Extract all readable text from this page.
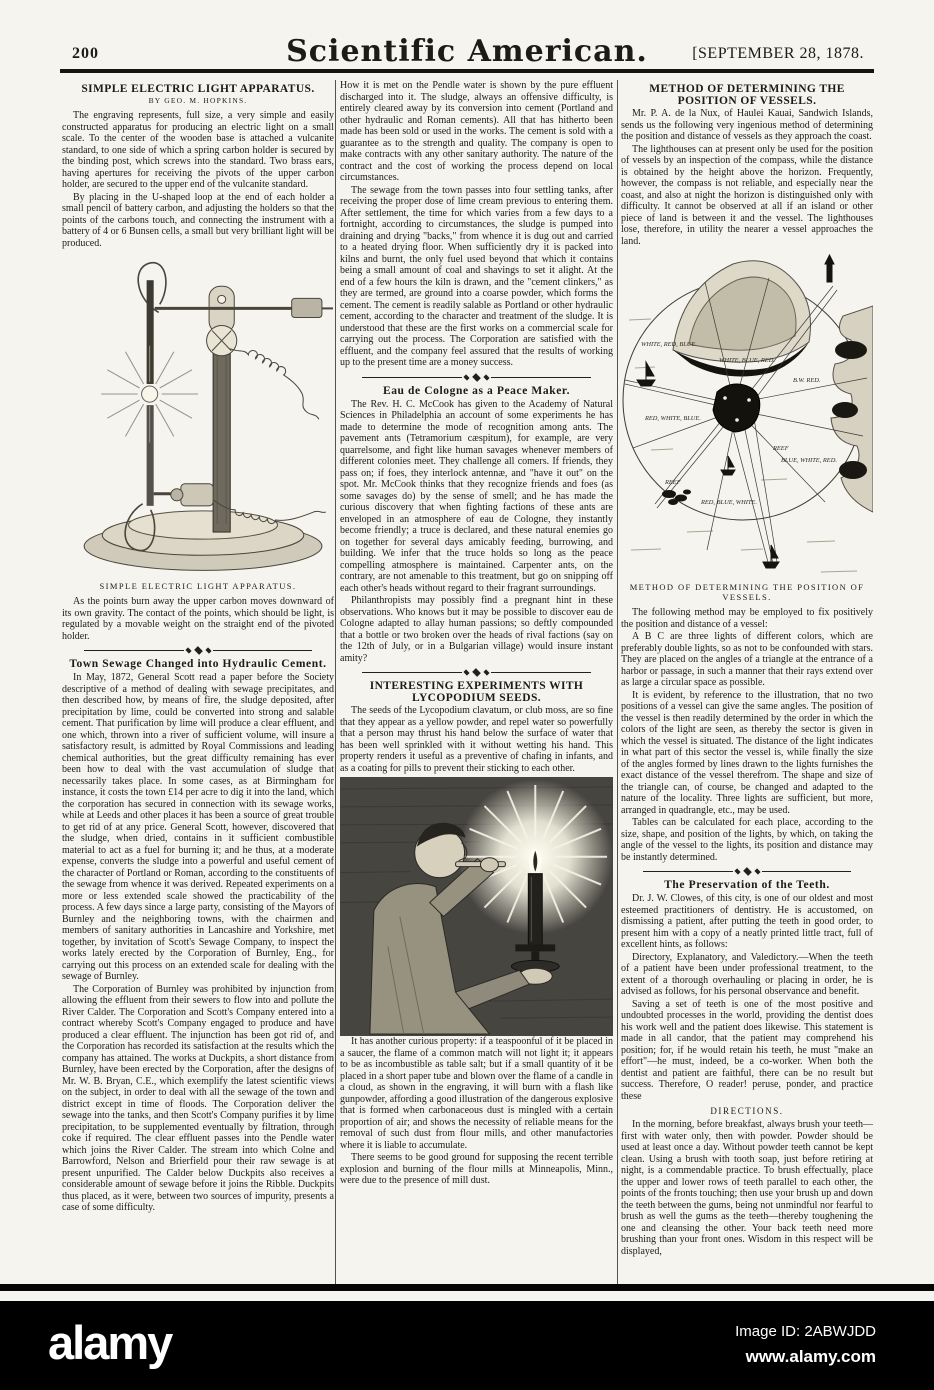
200	Scientific American.	[SEPTEMBER 28, 1878.
SIMPLE ELECTRIC LIGHT APPARATUS.
BY GEO. M. HOPKINS.

The engraving represents, full size, a very simple and easily constructed apparatus for producing an electric light on a small scale. To the center of the wooden base is attached a vulcanite standard, to one side of which a spring carbon holder is secured by the binding post, which screws into the standard. Two brass ears, having apertures for receiving the pivots of the upper carbon holder, are secured to the upper end of the vulcanite standard.

By placing in the U-shaped loop at the end of each holder a small pencil of battery carbon, and adjusting the holders so that the points of the carbons touch, and connecting the instrument with a battery of 4 or 6 Bunsen cells, a small but very brilliant light will be produced.

SIMPLE ELECTRIC LIGHT APPARATUS.

As the points burn away the upper carbon moves downward of its own gravity. The contact of the points, which should be light, is regulated by a movable weight on the straight end of the pivoted holder.

Town Sewage Changed into Hydraulic Cement.

In May, 1872, General Scott read a paper before the Society descriptive of a method of dealing with sewage precipitates, and then described how, by means of fire, the sludge deposited, after precipitation by lime, could be converted into strong and salable cement. That purification by lime will produce a clear effluent, and one which, thrown into a river of sufficient volume, will insure a satisfactory result, is admitted by Royal Commissions and leading chemical authorities, but the great difficulty remaining has ever been how to deal with the vast accumulation of sludge that necessarily takes place. In some cases, as at Birmingham for instance, it costs the town £14 per acre to dig it into the land, which the corporation has secured in connection with its sewage works, while at Leeds and other places it has been a source of great trouble to get rid of at any price. General Scott, however, discovered that the sludge, when dried, contains in it sufficient combustible material to act as a fuel for burning it; and he thus, at a moderate expense, converts the sludge into a powerful and useful cement of the character of Portland or Roman, according to the constituents of the sewage from whence it was derived. Repeated experiments on a more or less extended scale showed the practicability of the process. A few days since a large party, consisting of the Mayors of Burnley and the neighboring towns, with the chairmen and members of sanitary authorities in Lancashire and Yorkshire, met together, by invitation of Scott's Sewage Company, to inspect the works lately erected by the Corporation of Burnley, Eng., for carrying out this process on an extended scale for dealing with the sewage of Burnley.

The Corporation of Burnley was prohibited by injunction from allowing the effluent from their sewers to flow into and pollute the River Calder. The Corporation and Scott's Company entered into a contract whereby Scott's Company engaged to produce and have produced a clear effluent. The injunction has been got rid of, and the Corporation has recorded its satisfaction at the results which the company has attained. The works at Duckpits, a short distance from Burnley, have been erected by the Corporation, after the designs of Mr. W. B. Bryan, C.E., which exemplify the latest scientific views on the subject, in order to deal with all the sewage of the town and district except in time of floods. The Corporation deliver the sewage into the tanks, and then Scott's Company purifies it by lime precipitation, to be supplemented eventually by filtration, through coke if required. The clear effluent passes into the Pendle water which joins the River Calder. The stream into which Colne and Barrowford, Nelson and Brierfield pour their raw sewage is at present unpurified. The Calder below Duckpits also receives a considerable amount of sewage before it joins the Ribble. Duckpits thus placed, as it were, between two sources of impurity, presents a case of some difficulty.

How it is met on the Pendle water is shown by the pure effluent discharged into it. The sludge, always an offensive difficulty, is entirely cleared away by its conversion into cement (Portland and other hydraulic and Roman cements). All that has hitherto been made has been sold or used in the works. The cement is sold with a guarantee as to the strength and quality. The company is open to make contracts with any other sanitary authority. The nature of the contract and the cost of working the process depend on local circumstances.

The sewage from the town passes into four settling tanks, after receiving the proper dose of lime cream previous to entering them. After settlement, the time for which varies from a few days to a fortnight, according to circumstances, the sludge is pumped into draining and drying "backs," from whence it is dug out and carried to a heated drying floor. When sufficiently dry it is packed into kilns and burnt, the only fuel used beyond that which it contains being a small amount of coal and shavings to set it alight. At the end of a few hours the kiln is drawn, and the "cement clinkers," as they are termed, are ground into a coarse powder, which forms the cement. The cement is readily salable as Portland or other hydraulic cement, according to the character and treatment of the sludge. It is understood that these are the first works on a commercial scale for carrying out the process. The Corporation are satisfied with the effluent, and the company feel assured that the results of working up to the present time are a money success.

Eau de Cologne as a Peace Maker.

The Rev. H. C. McCook has given to the Academy of Natural Sciences in Philadelphia an account of some experiments he has made to determine the mode of recognition among ants. The pavement ants (Tetramorium cæspitum), for example, are very quarrelsome, and fight like human savages whenever members of different colonies meet. They challenge all comers. If friends, they pass on; if foes, they interlock antennæ, and "have it out" on the spot. Mr. McCook thinks that they recognize friends and foes (as some savages do) by the sense of smell; and he has made the curious discovery that when fighting factions of these ants are enveloped in an atmosphere of eau de Cologne, they instantly become friendly; a truce is declared, and these natural enemies go on together for several days amicably feeding, burrowing, and building. We infer that the truce holds so long as the peace compelling atmosphere is maintained. Carpenter ants, on the contrary, are not amenable to this treatment, but go on snipping off each other's heads without regard to their fragrant surroundings.

Philanthropists may possibly find a pregnant hint in these observations. Who knows but it may be possible to discover eau de Cologne adapted to allay human passions; so deftly compounded that a bottle or two broken over the heads of rival factions (say on the 12th of July, or in a Bulgarian village) would insure instant amity?

INTERESTING EXPERIMENTS WITH LYCOPODIUM SEEDS.

The seeds of the Lycopodium clavatum, or club moss, are so fine that they appear as a yellow powder, and repel water so powerfully that a person may thrust his hand below the surface of water that has been well sprinkled with it without wetting his hand. This property renders it useful as a preventive of chafing in infants, and as a coating for pills to prevent their sticking to each other.

It has another curious property: if a teaspoonful of it be placed in a saucer, the flame of a common match will not light it; it appears to be as incombustible as table salt; but if a small quantity of it be placed in a short paper tube and blown over the flame of a candle in a cloud, as shown in the engraving, it will burn with a flash like gunpowder, affording a good illustration of the dangerous explosive that is formed when carbonaceous dust is mingled with a certain proportion of air; and shows the necessity of reliable means for the removal of such dust from flour mills, and other manufactories where it is liable to accumulate.

There seems to be good ground for supposing the recent terrible explosion and burning of the flour mills at Minneapolis, Minn., were due to the presence of mill dust.

METHOD OF DETERMINING THE POSITION OF VESSELS.

Mr. P. A. de la Nux, of Haulei Kauai, Sandwich Islands, sends us the following very ingenious method of determining the position and distance of vessels as they approach the coast.

The lighthouses can at present only be used for the position of vessels by an inspection of the compass, while the distance is obtained by the height above the horizon. Frequently, however, the compass is not reliable, and especially near the coast, and also at night the horizon is distinguished only with difficulty. It cannot be observed at all if an island or other piece of land is between it and the vessel. The lighthouses lose, therefore, in utility the nearer a vessel approaches the land.

WHITE, RED, BLUE.
WHITE, BLUE, RED.
B.W. RED.
RED, WHITE, BLUE.
REEF
BLUE, WHITE, RED.
REEF
RED, BLUE, WHITE.
METHOD OF DETERMINING THE POSITION OF VESSELS.

The following method may be employed to fix positively the position and distance of a vessel:

A B C are three lights of different colors, which are preferably double lights, so as not to be confounded with stars. They are placed on the angles of a triangle at the entrance of a harbor or passage, in such a manner that their rays extend over as large a circular space as possible.

It is evident, by reference to the illustration, that no two positions of a vessel can give the same angles. The position of the vessel is then readily determined by the order in which the colors of the light are seen, as thereby the sector is given in which the vessel is situated. The distance of the light indicates in what part of this sector the vessel is, while finally the size of the angles formed by lines drawn to the lights furnishes the exact distance of the vessel therefrom. The shape and size of the triangle can, of course, be changed and adapted to the nature of the locality. Three lights are sufficient, but more, arranged in quadrangle, etc., may be used.

Tables can be calculated for each place, according to the size, shape, and position of the lights, by which, on taking the angle of the vessel to the lights, its position and distance may be instantly determined.

The Preservation of the Teeth.

Dr. J. W. Clowes, of this city, is one of our oldest and most esteemed practitioners of dentistry. He is accustomed, on dismissing a patient, after putting the teeth in good order, to present him with a copy of a neatly printed little tract, full of excellent hints, as follows:

Directory, Explanatory, and Valedictory.—When the teeth of a patient have been under professional treatment, to the extent of a thorough overhauling or placing in order, he is advised as follows, for his personal observance and benefit.

Saving a set of teeth is one of the most positive and undoubted processes in the world, providing the dentist does his work well and the patient does likewise. This statement is made in all candor, that the patient may comprehend his position; for, if he would retain his teeth, he must "make an effort"—he must, indeed, be a co-worker. When both the dentist and patient are faithful, there can be no result but success. Therefore, O reader! peruse, ponder, and practice these

DIRECTIONS.

In the morning, before breakfast, always brush your teeth—first with water only, then with powder. Powder should be used at least once a day. Without powder teeth cannot be kept clean. Using a brush with tooth soap, just before retiring at night, is a commendable practice. To brush effectually, place the upper and lower rows of teeth parallel to each other, the points of the fronts touching; then use your brush up and down the teeth between the gums, being not unmindful nor fearful to brush as well the gums as the teeth—thereby toughening the one and cleansing the other. Your back teeth need more brushing than your front ones. Wisdom in this respect will be displayed,

alamy	Image ID: 2ABWJDD
www.alamy.com
